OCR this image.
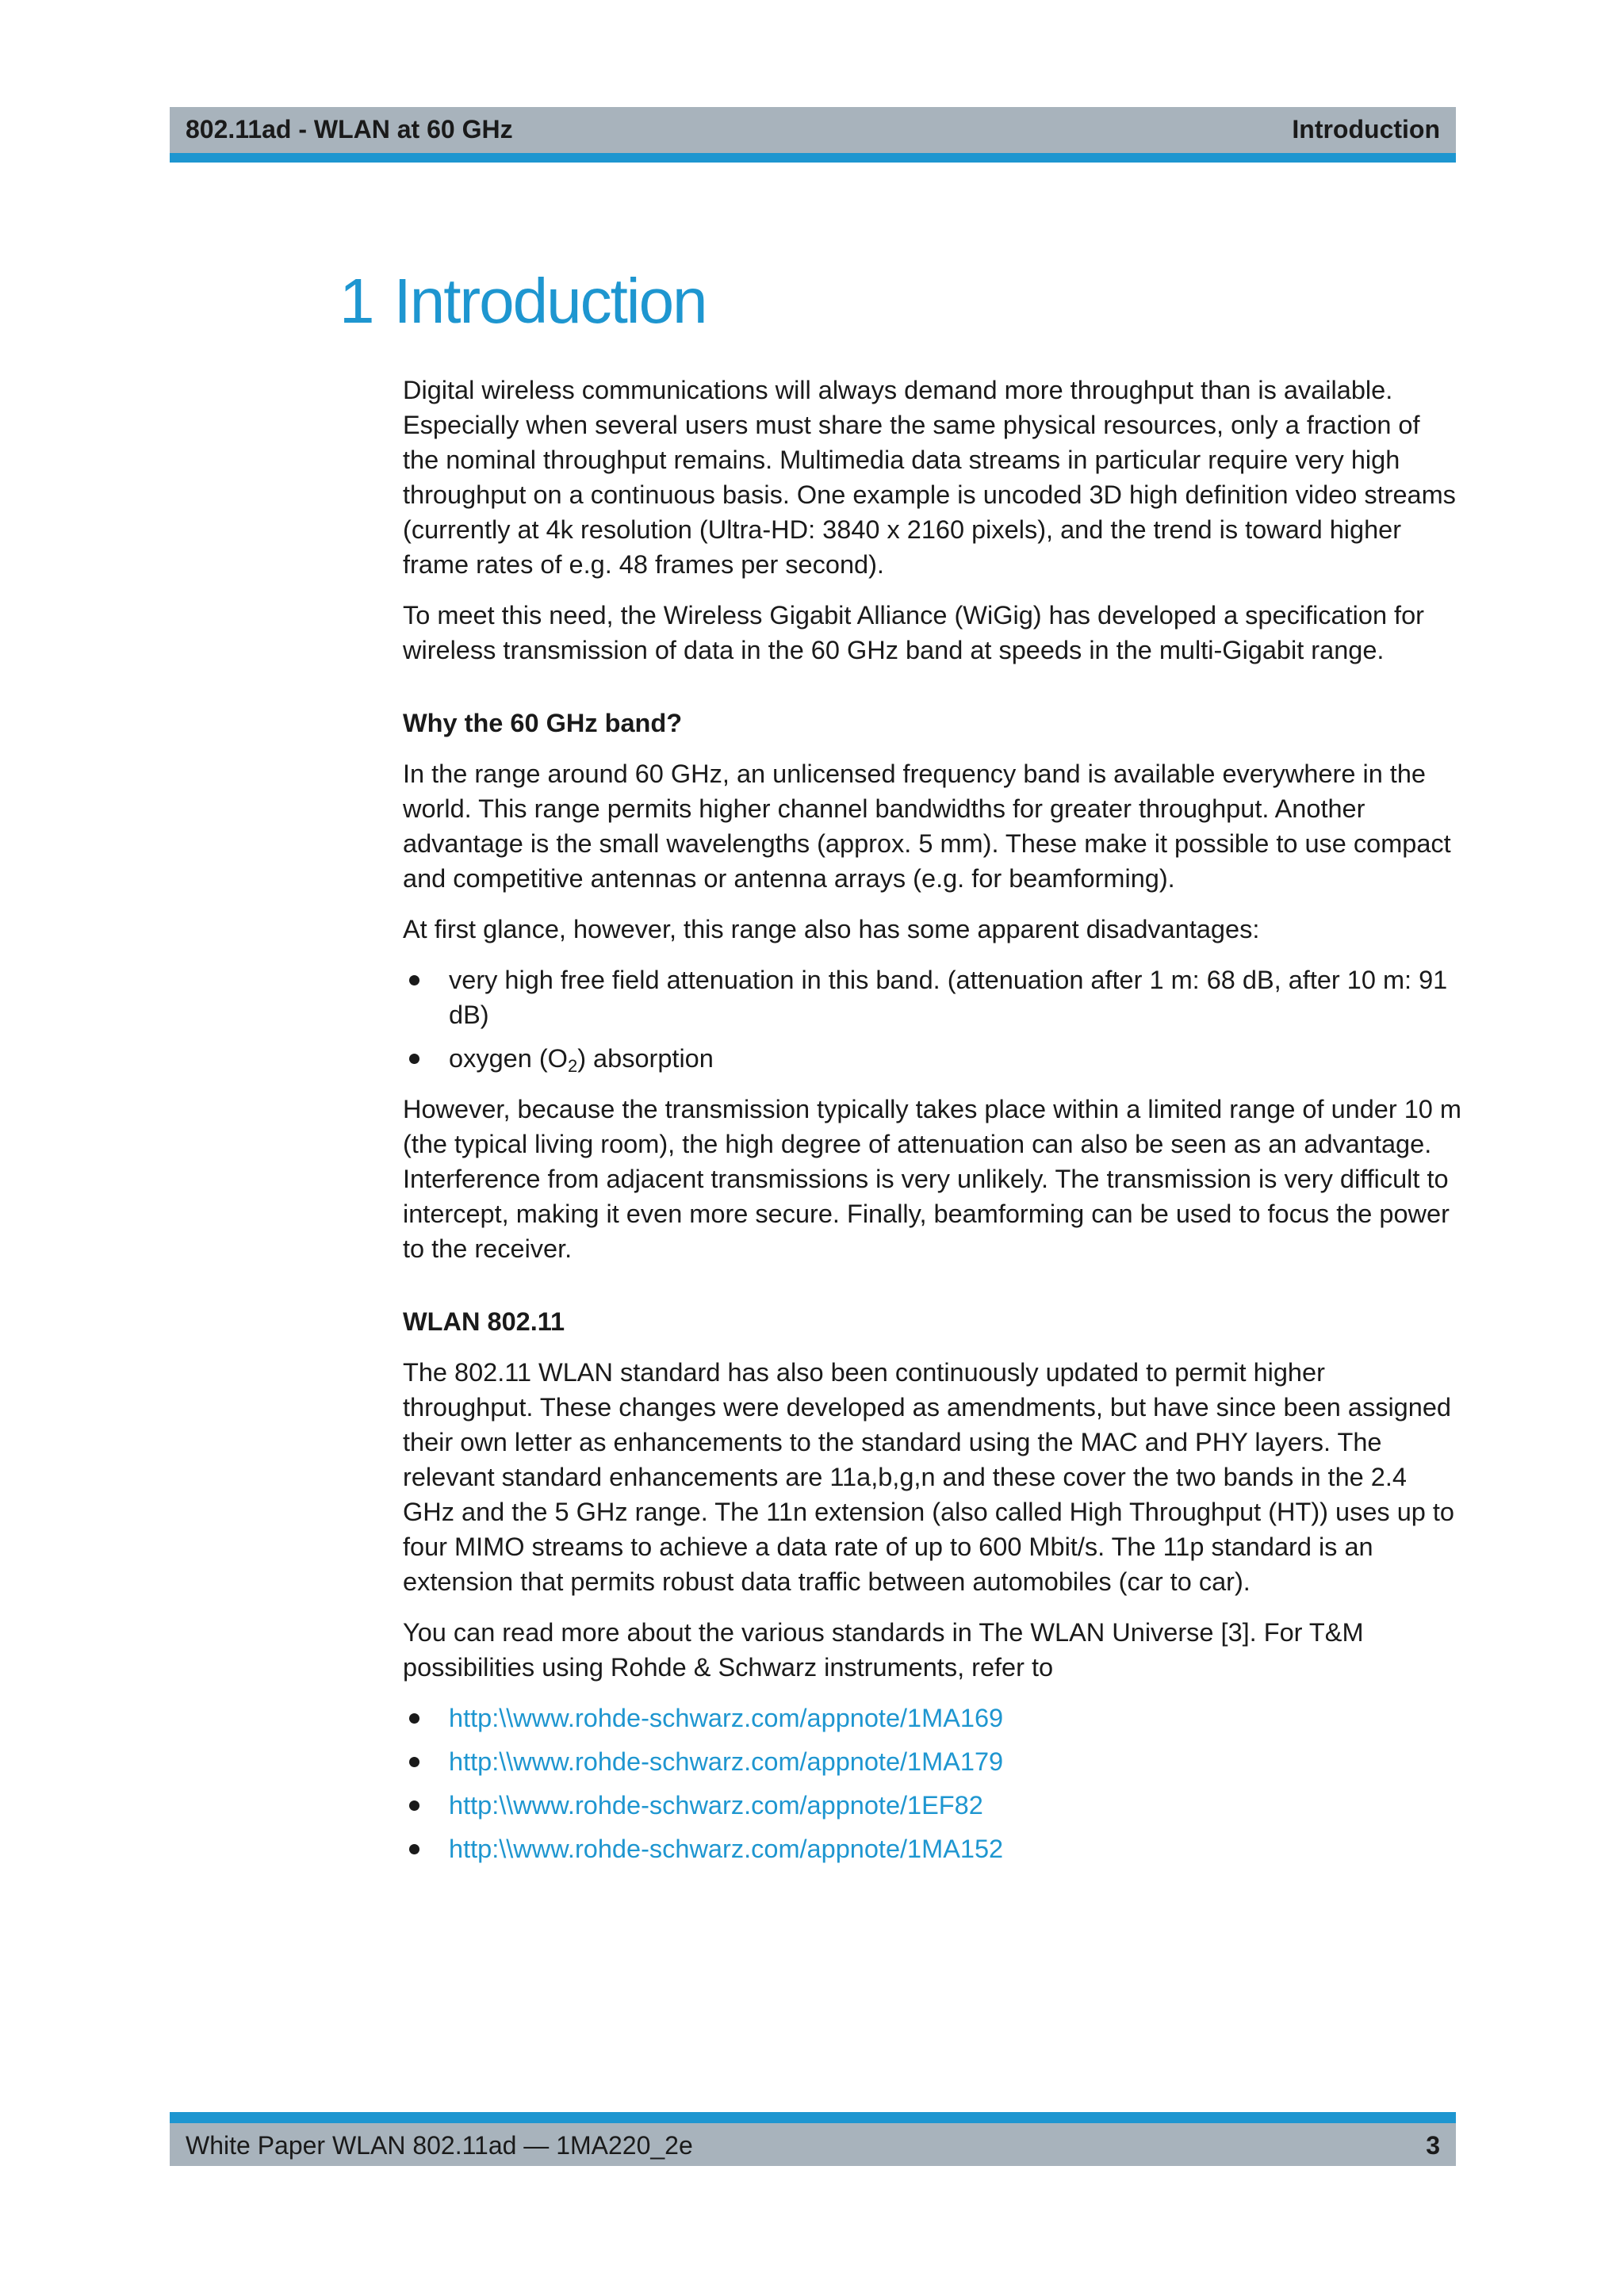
802.11ad - WLAN at 60 GHz	Introduction
1 Introduction

Digital wireless communications will always demand more throughput than is available. Especially when several users must share the same physical resources, only a fraction of the nominal throughput remains. Multimedia data streams in particular require very high throughput on a continuous basis. One example is uncoded 3D high definition video streams (currently at 4k resolution (Ultra-HD: 3840 x 2160 pixels), and the trend is toward higher frame rates of e.g. 48 frames per second).

To meet this need, the Wireless Gigabit Alliance (WiGig) has developed a specification for wireless transmission of data in the 60 GHz band at speeds in the multi-Gigabit range.

Why the 60 GHz band?

In the range around 60 GHz, an unlicensed frequency band is available everywhere in the world. This range permits higher channel bandwidths for greater throughput. Another advantage is the small wavelengths (approx. 5 mm). These make it possible to use compact and competitive antennas or antenna arrays (e.g. for beamforming).

At first glance, however, this range also has some apparent disadvantages:

very high free field attenuation in this band. (attenuation after 1 m: 68 dB, after 10 m: 91 dB)
oxygen $(O_2)$ absorption

However, because the transmission typically takes place within a limited range of under 10 m (the typical living room), the high degree of attenuation can also be seen as an advantage. Interference from adjacent transmissions is very unlikely. The transmission is very difficult to intercept, making it even more secure. Finally, beamforming can be used to focus the power to the receiver.

WLAN 802.11

The 802.11 WLAN standard has also been continuously updated to permit higher throughput. These changes were developed as amendments, but have since been assigned their own letter as enhancements to the standard using the MAC and PHY layers. The relevant standard enhancements are 11a,b,g,n and these cover the two bands in the 2.4 GHz and the 5 GHz range. The 11n extension (also called High Throughput (HT)) uses up to four MIMO streams to achieve a data rate of up to 600 Mbit/s. The 11p standard is an extension that permits robust data traffic between automobiles (car to car).

You can read more about the various standards in The WLAN Universe [3]. For T&M possibilities using Rohde & Schwarz instruments, refer to

http:\\www.rohde-schwarz.com/appnote/1MA169
http:\\www.rohde-schwarz.com/appnote/1MA179
http:\\www.rohde-schwarz.com/appnote/1EF82
http:\\www.rohde-schwarz.com/appnote/1MA152
White Paper WLAN 802.11ad ― 1MA220_2e	3
